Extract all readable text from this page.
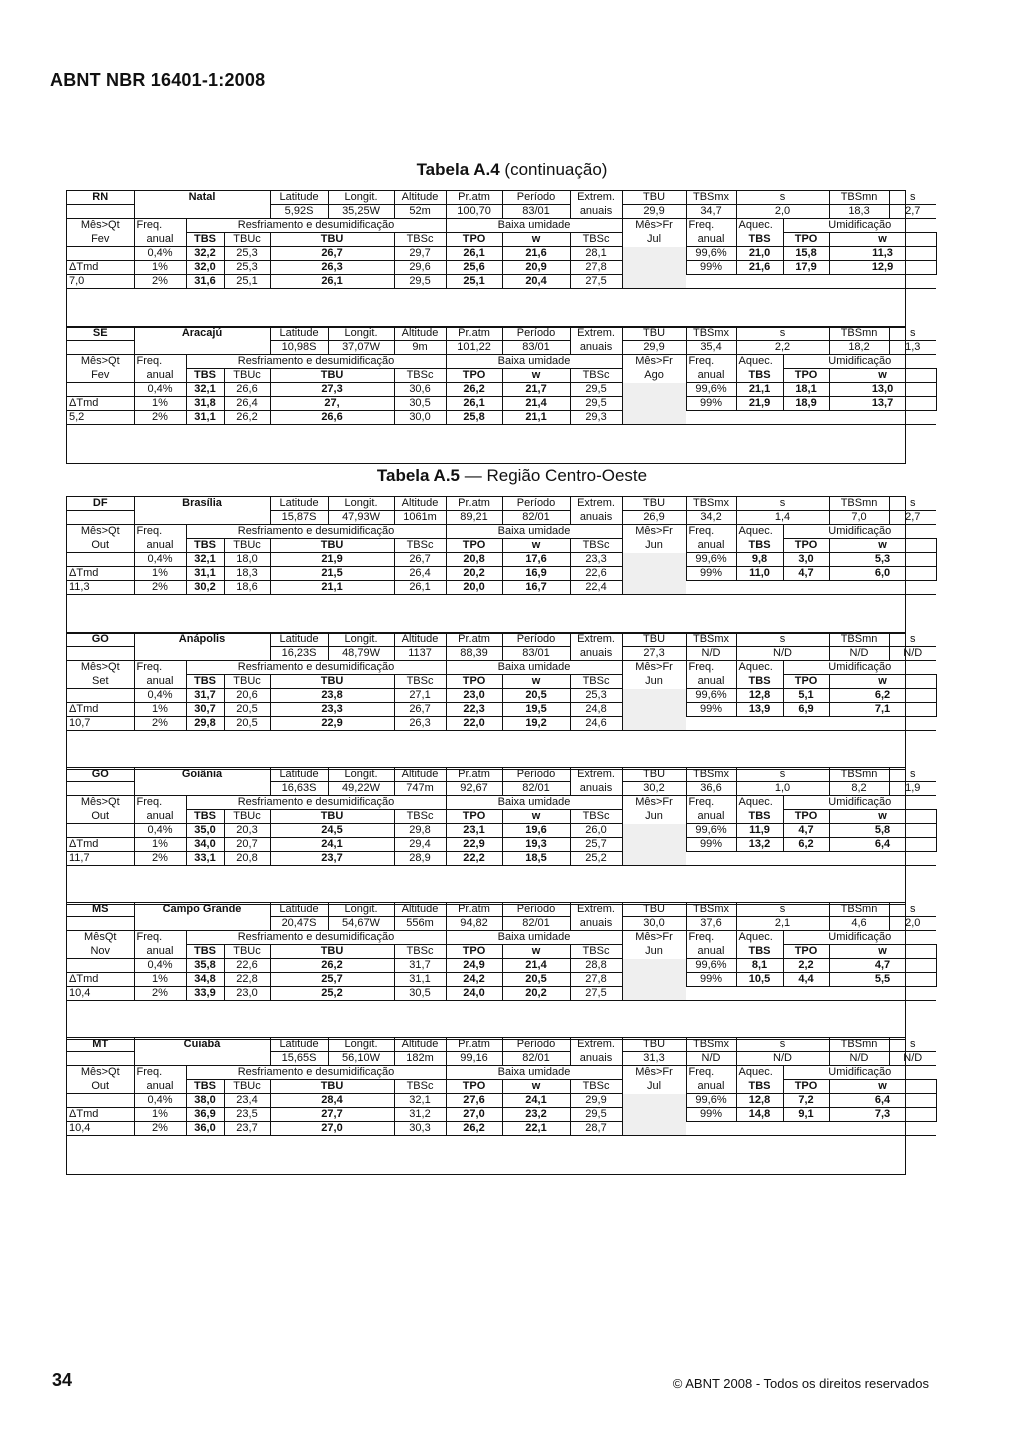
ABNT NBR 16401-1:2008
Tabela A.4 (continuação)
RN	Natal			Latitude	Longit.	Altitude	Pr.atm	Período	Extrem.	TBU	TBSmx	s		TBSmn	s	
				5,92S	35,25W	52m	100,70	83/01	anuais	29,9	34,7	2,0		18,3	2,7	
Mês>Qt	Freq.	Resfriamento e desumidificação					Baixa umidade			Mês>Fr	Freq.	Aquec.	Umidificação			
Fev	anual	TBS	TBUc	TBU		TBSc	TPO	w	TBSc	Jul	anual	TBS	TPO	w	
	0,4%	32,2	25,3	26,7		29,7	26,1	21,6	28,1		99,6%	21,0	15,8	11,3	
ΔTmd	1%	32,0	25,3	26,3		29,6	25,6	20,9	27,8		99%	21,6	17,9	12,9	
7,0	2%	31,6	25,1	26,1		29,5	25,1	20,4	27,5							

SE	Aracajú			Latitude	Longit.	Altitude	Pr.atm	Período	Extrem.	TBU	TBSmx	s		TBSmn	s	
				10,98S	37,07W	9m	101,22	83/01	anuais	29,9	35,4	2,2		18,2	1,3	
Mês>Qt	Freq.	Resfriamento e desumidificação					Baixa umidade			Mês>Fr	Freq.	Aquec.	Umidificação			
Fev	anual	TBS	TBUc	TBU		TBSc	TPO	w	TBSc	Ago	anual	TBS	TPO	w	
	0,4%	32,1	26,6	27,3		30,6	26,2	21,7	29,5		99,6%	21,1	18,1	13,0	
ΔTmd	1%	31,8	26,4	27,		30,5	26,1	21,4	29,5		99%	21,9	18,9	13,7	
5,2	2%	31,1	26,2	26,6		30,0	25,8	21,1	29,3							

Tabela A.5 — Região Centro-Oeste
DF	Brasília			Latitude	Longit.	Altitude	Pr.atm	Período	Extrem.	TBU	TBSmx	s		TBSmn	s	
				15,87S	47,93W	1061m	89,21	82/01	anuais	26,9	34,2	1,4		7,0	2,7	
Mês>Qt	Freq.	Resfriamento e desumidificação					Baixa umidade			Mês>Fr	Freq.	Aquec.	Umidificação			
Out	anual	TBS	TBUc	TBU		TBSc	TPO	w	TBSc	Jun	anual	TBS	TPO	w	
	0,4%	32,1	18,0	21,9		26,7	20,8	17,6	23,3		99,6%	9,8	3,0	5,3	
ΔTmd	1%	31,1	18,3	21,5		26,4	20,2	16,9	22,6		99%	11,0	4,7	6,0	
11,3	2%	30,2	18,6	21,1		26,1	20,0	16,7	22,4							

GO	Anápolis			Latitude	Longit.	Altitude	Pr.atm	Período	Extrem.	TBU	TBSmx	s		TBSmn	s	
				16,23S	48,79W	1137	88,39	83/01	anuais	27,3	N/D	N/D		N/D	N/D	
Mês>Qt	Freq.	Resfriamento e desumidificação					Baixa umidade			Mês>Fr	Freq.	Aquec.	Umidificação			
Set	anual	TBS	TBUc	TBU		TBSc	TPO	w	TBSc	Jun	anual	TBS	TPO	w	
	0,4%	31,7	20,6	23,8		27,1	23,0	20,5	25,3		99,6%	12,8	5,1	6,2	
ΔTmd	1%	30,7	20,5	23,3		26,7	22,3	19,5	24,8		99%	13,9	6,9	7,1	
10,7	2%	29,8	20,5	22,9		26,3	22,0	19,2	24,6							

GO	Goiânia			Latitude	Longit.	Altitude	Pr.atm	Período	Extrem.	TBU	TBSmx	s		TBSmn	s	
				16,63S	49,22W	747m	92,67	82/01	anuais	30,2	36,6	1,0		8,2	1,9	
Mês>Qt	Freq.	Resfriamento e desumidificação					Baixa umidade			Mês>Fr	Freq.	Aquec.	Umidificação			
Out	anual	TBS	TBUc	TBU		TBSc	TPO	w	TBSc	Jun	anual	TBS	TPO	w	
	0,4%	35,0	20,3	24,5		29,8	23,1	19,6	26,0		99,6%	11,9	4,7	5,8	
ΔTmd	1%	34,0	20,7	24,1		29,4	22,9	19,3	25,7		99%	13,2	6,2	6,4	
11,7	2%	33,1	20,8	23,7		28,9	22,2	18,5	25,2							

MS	Campo Grande			Latitude	Longit.	Altitude	Pr.atm	Período	Extrem.	TBU	TBSmx	s		TBSmn	s	
				20,47S	54,67W	556m	94,82	82/01	anuais	30,0	37,6	2,1		4,6	2,0	
MêsQt	Freq.	Resfriamento e desumidificação					Baixa umidade			Mês>Fr	Freq.	Aquec.	Umidificação			
Nov	anual	TBS	TBUc	TBU		TBSc	TPO	w	TBSc	Jun	anual	TBS	TPO	w	
	0,4%	35,8	22,6	26,2		31,7	24,9	21,4	28,8		99,6%	8,1	2,2	4,7	
ΔTmd	1%	34,8	22,8	25,7		31,1	24,2	20,5	27,8		99%	10,5	4,4	5,5	
10,4	2%	33,9	23,0	25,2		30,5	24,0	20,2	27,5							

MT	Cuiabá			Latitude	Longit.	Altitude	Pr.atm	Período	Extrem.	TBU	TBSmx	s		TBSmn	s	
				15,65S	56,10W	182m	99,16	82/01	anuais	31,3	N/D	N/D		N/D	N/D	
Mês>Qt	Freq.	Resfriamento e desumidificação					Baixa umidade			Mês>Fr	Freq.	Aquec.	Umidificação			
Out	anual	TBS	TBUc	TBU		TBSc	TPO	w	TBSc	Jul	anual	TBS	TPO	w	
	0,4%	38,0	23,4	28,4		32,1	27,6	24,1	29,9		99,6%	12,8	7,2	6,4	
ΔTmd	1%	36,9	23,5	27,7		31,2	27,0	23,2	29,5		99%	14,8	9,1	7,3	
10,4	2%	36,0	23,7	27,0		30,3	26,2	22,1	28,7							

34	© ABNT 2008 - Todos os direitos reservados
